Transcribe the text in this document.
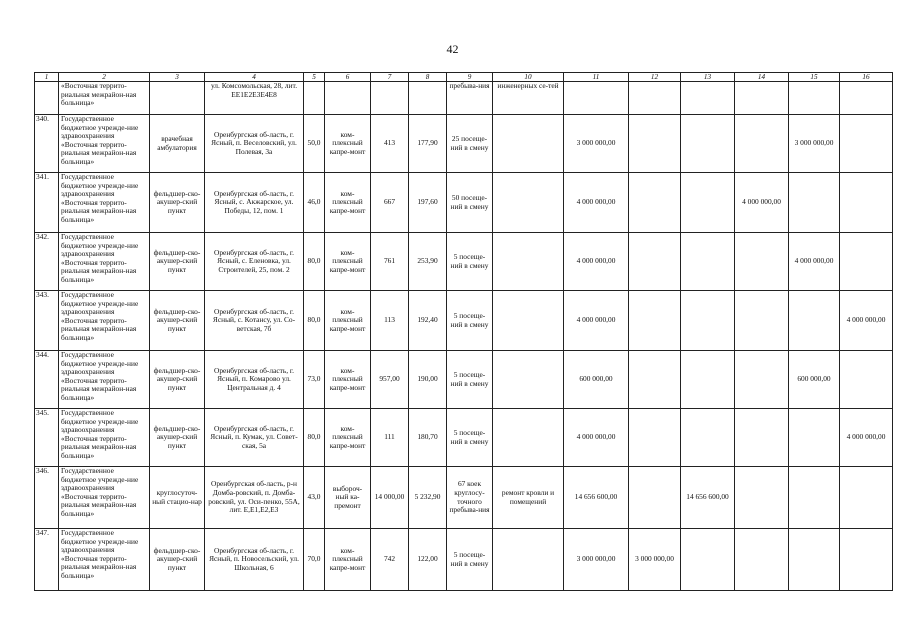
42
1	2	3	4	5	6	7	8	9	10	11	12	13	14	15	16
	«Восточная террито-риальная межрайон-ная больница»		ул. Комсомольская, 28, лит. ЕЕ1Е2Е3Е4Е8					пребыва-ния	инженерных се-тей						
340.	Государственное бюджетное учрежде-ние здравоохранения «Восточная террито-риальная межрайон-ная больница»	врачебная амбулатория	Оренбургская об-ласть, г. Ясный, п. Веселовский, ул. Полевая, 3а	50,0	ком-плексный капре-монт	413	177,90	25 посеще-ний в смену		3 000 000,00				3 000 000,00	
341.	Государственное бюджетное учрежде-ние здравоохранения «Восточная террито-риальная межрайон-ная больница»	фельдшер-ско-акушер-ский пункт	Оренбургская об-ласть, г. Ясный, с. Акжарское, ул. Победы, 12, пом. 1	46,0	ком-плексный капре-монт	667	197,60	50 посеще-ний в смену		4 000 000,00			4 000 000,00		
342.	Государственное бюджетное учрежде-ние здравоохранения «Восточная террито-риальная межрайон-ная больница»	фельдшер-ско-акушер-ский пункт	Оренбургская об-ласть, г. Ясный, с. Еленовка, ул. Строителей, 25, пом. 2	80,0	ком-плексный капре-монт	761	253,90	5 посеще-ний в смену		4 000 000,00				4 000 000,00	
343.	Государственное бюджетное учрежде-ние здравоохранения «Восточная террито-риальная межрайон-ная больница»	фельдшер-ско-акушер-ский пункт	Оренбургская об-ласть, г. Ясный, с. Котансу, ул. Со-ветская, 7б	80,0	ком-плексный капре-монт	113	192,40	5 посеще-ний в смену		4 000 000,00					4 000 000,00
344.	Государственное бюджетное учрежде-ние здравоохранения «Восточная террито-риальная межрайон-ная больница»	фельдшер-ско-акушер-ский пункт	Оренбургская об-ласть, г. Ясный, п. Комарово ул. Центральная д. 4	73,0	ком-плексный капре-монт	957,00	190,00	5 посеще-ний в смену		600 000,00				600 000,00	
345.	Государственное бюджетное учрежде-ние здравоохранения «Восточная террито-риальная межрайон-ная больница»	фельдшер-ско-акушер-ский пункт	Оренбургская об-ласть, г. Ясный, п. Кумак, ул. Совет-ская, 5а	80,0	ком-плексный капре-монт	111	180,70	5 посеще-ний в смену		4 000 000,00					4 000 000,00
346.	Государственное бюджетное учрежде-ние здравоохранения «Восточная террито-риальная межрайон-ная больница»	круглосуточ-ный стацио-нар	Оренбургская об-ласть, р-н Домба-ровский, п. Домба-ровский, ул. Оси-пенко, 55А, лит. Е,Е1,Е2,Е3	43,0	выбороч-ный ка-премонт	14 000,00	5 232,90	67 коек круглосу-точного пребыва-ния	ремонт кровли и помещений	14 656 600,00		14 656 600,00			
347.	Государственное бюджетное учрежде-ние здравоохранения «Восточная террито-риальная межрайон-ная больница»	фельдшер-ско-акушер-ский пункт	Оренбургская об-ласть, г. Ясный, п. Новосельский, ул. Школьная, 6	70,0	ком-плексный капре-монт	742	122,00	5 посеще-ний в смену		3 000 000,00	3 000 000,00				
